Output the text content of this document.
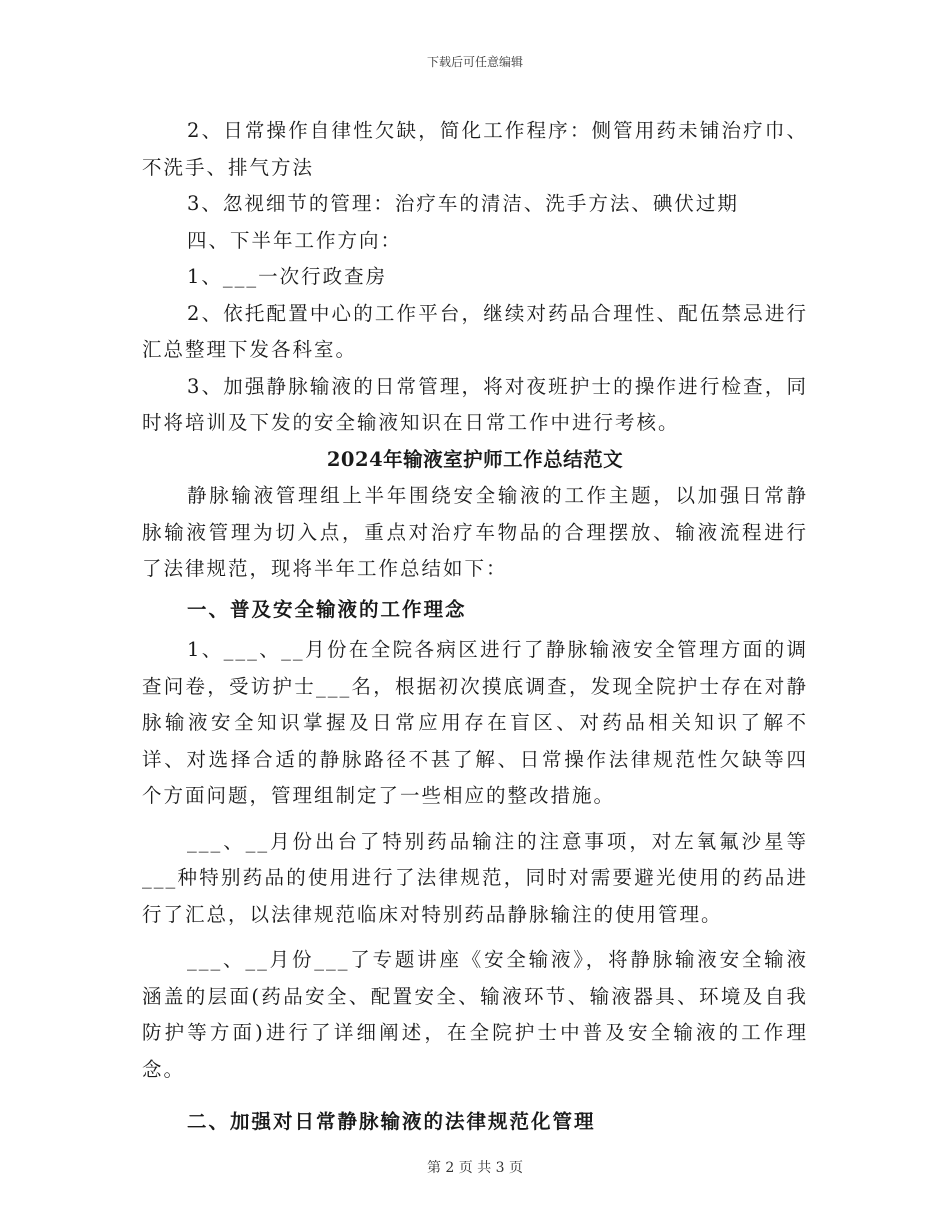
下载后可任意编辑

2、日常操作自律性欠缺，简化工作程序：侧管用药未铺治疗巾、不洗手、排气方法

3、忽视细节的管理：治疗车的清洁、洗手方法、碘伏过期

四、下半年工作方向：

1、___一次行政查房

2、依托配置中心的工作平台，继续对药品合理性、配伍禁忌进行汇总整理下发各科室。

3、加强静脉输液的日常管理，将对夜班护士的操作进行检查，同时将培训及下发的安全输液知识在日常工作中进行考核。

2024年输液室护师工作总结范文

静脉输液管理组上半年围绕安全输液的工作主题，以加强日常静脉输液管理为切入点，重点对治疗车物品的合理摆放、输液流程进行了法律规范，现将半年工作总结如下：

一、普及安全输液的工作理念

1、___、__月份在全院各病区进行了静脉输液安全管理方面的调查问卷，受访护士___名，根据初次摸底调查，发现全院护士存在对静脉输液安全知识掌握及日常应用存在盲区、对药品相关知识了解不详、对选择合适的静脉路径不甚了解、日常操作法律规范性欠缺等四个方面问题，管理组制定了一些相应的整改措施。

___、__月份出台了特别药品输注的注意事项，对左氧氟沙星等___种特别药品的使用进行了法律规范，同时对需要避光使用的药品进行了汇总，以法律规范临床对特别药品静脉输注的使用管理。

___、__月份___了专题讲座《安全输液》，将静脉输液安全输液涵盖的层面(药品安全、配置安全、输液环节、输液器具、环境及自我防护等方面)进行了详细阐述，在全院护士中普及安全输液的工作理念。

二、加强对日常静脉输液的法律规范化管理

第 2 页 共 3 页
